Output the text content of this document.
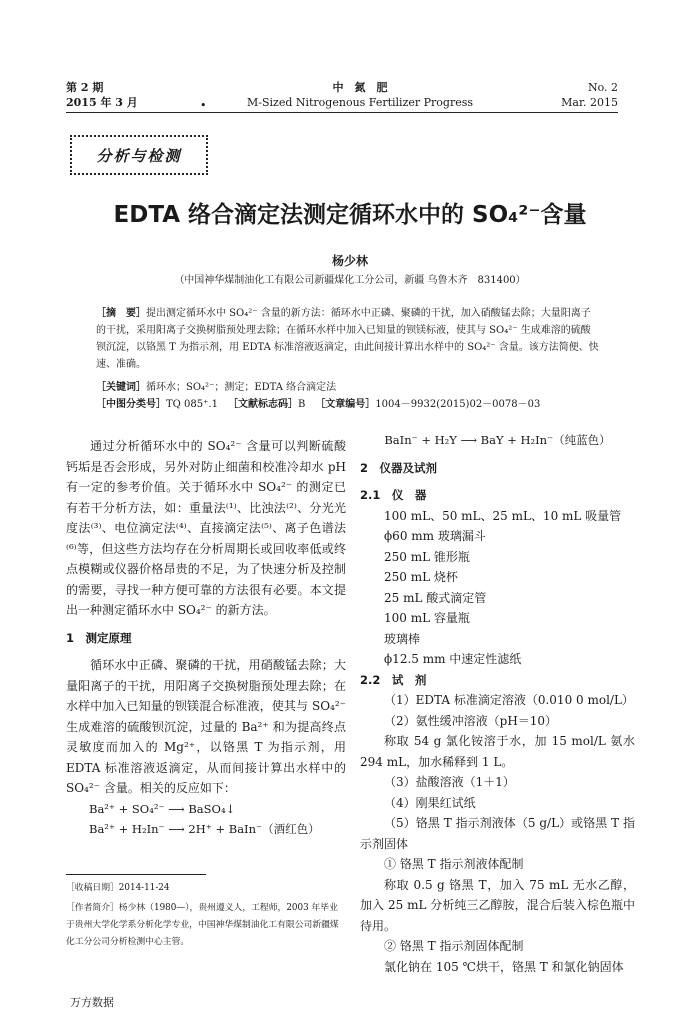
第 2 期
2015 年 3 月
中　氮　肥
M-Sized Nitrogenous Fertilizer Progress
No. 2
Mar. 2015
•
分析与检测
EDTA 络合滴定法测定循环水中的 SO₄²⁻含量
杨少林
（中国神华煤制油化工有限公司新疆煤化工分公司，新疆 乌鲁木齐　831400）
［摘　要］提出测定循环水中 SO₄²⁻ 含量的新方法：循环水中正磷、聚磷的干扰，加入硝酸锰去除；大量阳离子的干扰，采用阳离子交换树脂预处理去除；在循环水样中加入已知量的钡镁标液，使其与 SO₄²⁻ 生成难溶的硫酸钡沉淀，以铬黑 T 为指示剂，用 EDTA 标准溶液返滴定，由此间接计算出水样中的 SO₄²⁻ 含量。该方法简便、快速、准确。
［关键词］循环水；SO₄²⁻；测定；EDTA 络合滴定法
［中图分类号］TQ 085⁺.1  ［文献标志码］B  ［文章编号］1004－9932(2015)02－0078－03

通过分析循环水中的 SO₄²⁻ 含量可以判断硫酸钙垢是否会形成，另外对防止细菌和校准冷却水 pH 有一定的参考价值。关于循环水中 SO₄²⁻ 的测定已有若干分析方法，如：重量法⁽¹⁾、比浊法⁽²⁾、分光光度法⁽³⁾、电位滴定法⁽⁴⁾、直接滴定法⁽⁵⁾、离子色谱法⁽⁶⁾等，但这些方法均存在分析周期长或回收率低或终点模糊或仪器价格昂贵的不足，为了快速分析及控制的需要，寻找一种方便可靠的方法很有必要。本文提出一种测定循环水中 SO₄²⁻ 的新方法。

1　测定原理

循环水中正磷、聚磷的干扰，用硝酸锰去除；大量阳离子的干扰，用阳离子交换树脂预处理去除；在水样中加入已知量的钡镁混合标准液，使其与 SO₄²⁻ 生成难溶的硫酸钡沉淀，过量的 Ba²⁺ 和为提高终点灵敏度而加入的 Mg²⁺，以铬黑 T 为指示剂，用 EDTA 标准溶液返滴定，从而间接计算出水样中的 SO₄²⁻ 含量。相关的反应如下：

Ba²⁺ + SO₄²⁻ ⟶ BaSO₄↓
Ba²⁺ + H₂In⁻ ⟶ 2H⁺ + BaIn⁻（酒红色）
BaIn⁻ + H₂Y ⟶ BaY + H₂In⁻（纯蓝色）
2　仪器及试剂
2.1　仪　器
100 mL、50 mL、25 mL、10 mL 吸量管
ϕ60 mm 玻璃漏斗
250 mL 锥形瓶
250 mL 烧杯
25 mL 酸式滴定管
100 mL 容量瓶
玻璃棒
ϕ12.5 mm 中速定性滤纸
2.2　试　剂
（1）EDTA 标准滴定溶液（0.010 0 mol/L）
（2）氨性缓冲溶液（pH＝10）

称取 54 g 氯化铵溶于水，加 15 mol/L 氨水 294 mL，加水稀释到 1 L。

（3）盐酸溶液（1＋1）
（4）刚果红试纸

（5）铬黑 T 指示剂液体（5 g/L）或铬黑 T 指示剂固体

① 铬黑 T 指示剂液体配制

称取 0.5 g 铬黑 T，加入 75 mL 无水乙醇，加入 25 mL 分析纯三乙醇胺，混合后装入棕色瓶中待用。

② 铬黑 T 指示剂固体配制

氯化钠在 105 ℃烘干，铬黑 T 和氯化钠固体

［收稿日期］2014-11-24
［作者简介］杨少林（1980—），贵州遵义人，工程师，2003 年毕业于贵州大学化学系分析化学专业，中国神华煤制油化工有限公司新疆煤化工分公司分析检测中心主管。
万方数据
